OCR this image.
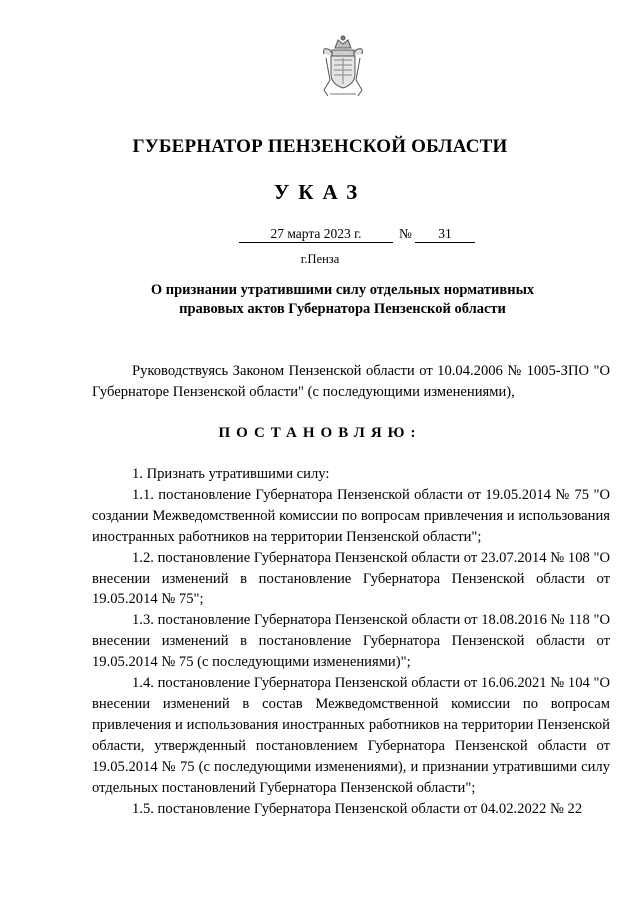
ГУБЕРНАТОР ПЕНЗЕНСКОЙ ОБЛАСТИ
УКАЗ
27 марта 2023 г.	№	31
г.Пенза
О признании утратившими силу отдельных нормативных
правовых актов Губернатора Пензенской области

Руководствуясь Законом Пензенской области от 10.04.2006 № 1005-ЗПО "О Губернаторе Пензенской области" (с последующими изменениями),

ПОСТАНОВЛЯЮ:

1. Признать утратившими силу:

1.1. постановление Губернатора Пензенской области от 19.05.2014 № 75 "О создании Межведомственной комиссии по вопросам привлечения и использования иностранных работников на территории Пензенской области";

1.2. постановление Губернатора Пензенской области от 23.07.2014 № 108 "О внесении изменений в постановление Губернатора Пензенской области от 19.05.2014 № 75";

1.3. постановление Губернатора Пензенской области от 18.08.2016 № 118 "О внесении изменений в постановление Губернатора Пензенской области от 19.05.2014 № 75 (с последующими изменениями)";

1.4. постановление Губернатора Пензенской области от 16.06.2021 № 104 "О внесении изменений в состав Межведомственной комиссии по вопросам привлечения и использования иностранных работников на территории Пензенской области, утвержденный постановлением Губернатора Пензенской области от 19.05.2014 № 75 (с последующими изменениями), и признании утратившими силу отдельных постановлений Губернатора Пензенской области";

1.5. постановление Губернатора Пензенской области от 04.02.2022 № 22
